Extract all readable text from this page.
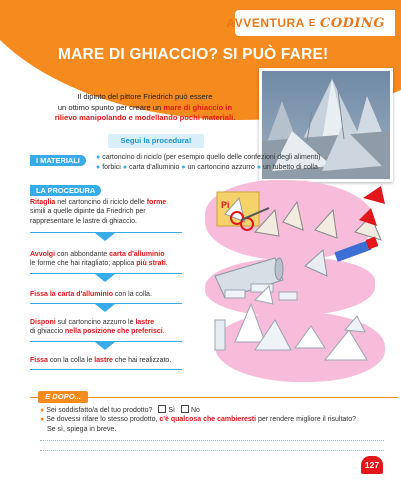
AVVENTURA E CODING
MARE DI GHIACCIO? SI PUÒ FARE!
Il dipinto del pittore Friedrich può essere
un ottimo spunto per creare un mare di ghiaccio in
rilievo manipolando e modellando pochi materiali.
Segui la procedura!
I MATERIALI	● cartoncino di riciclo (per esempio quello delle confezioni degli alimenti)
● forbici ● carta d'alluminio ● un cartoncino azzurro ● un tubetto di colla
LA PROCEDURA
Ritaglia nel cartoncino di riciclo delle forme
simili a quelle dipinte da Friedrich per
rappresentare le lastre di ghiaccio.
Avvolgi con abbondante carta d'alluminio
le forme che hai ritagliato; applica più strati.
Fissa la carta d'alluminio con la colla.
Disponi sul cartoncino azzurro le lastre
di ghiaccio nella posizione che preferisci.
Fissa con la colla le lastre che hai realizzato.
Pi
E DOPO...
● Sei soddisfatto/a del tuo prodotto? Sì No
● Se dovessi rifare lo stesso prodotto, c'è qualcosa che cambieresti per rendere migliore il risultato?
Se sì, spiega in breve.
127
